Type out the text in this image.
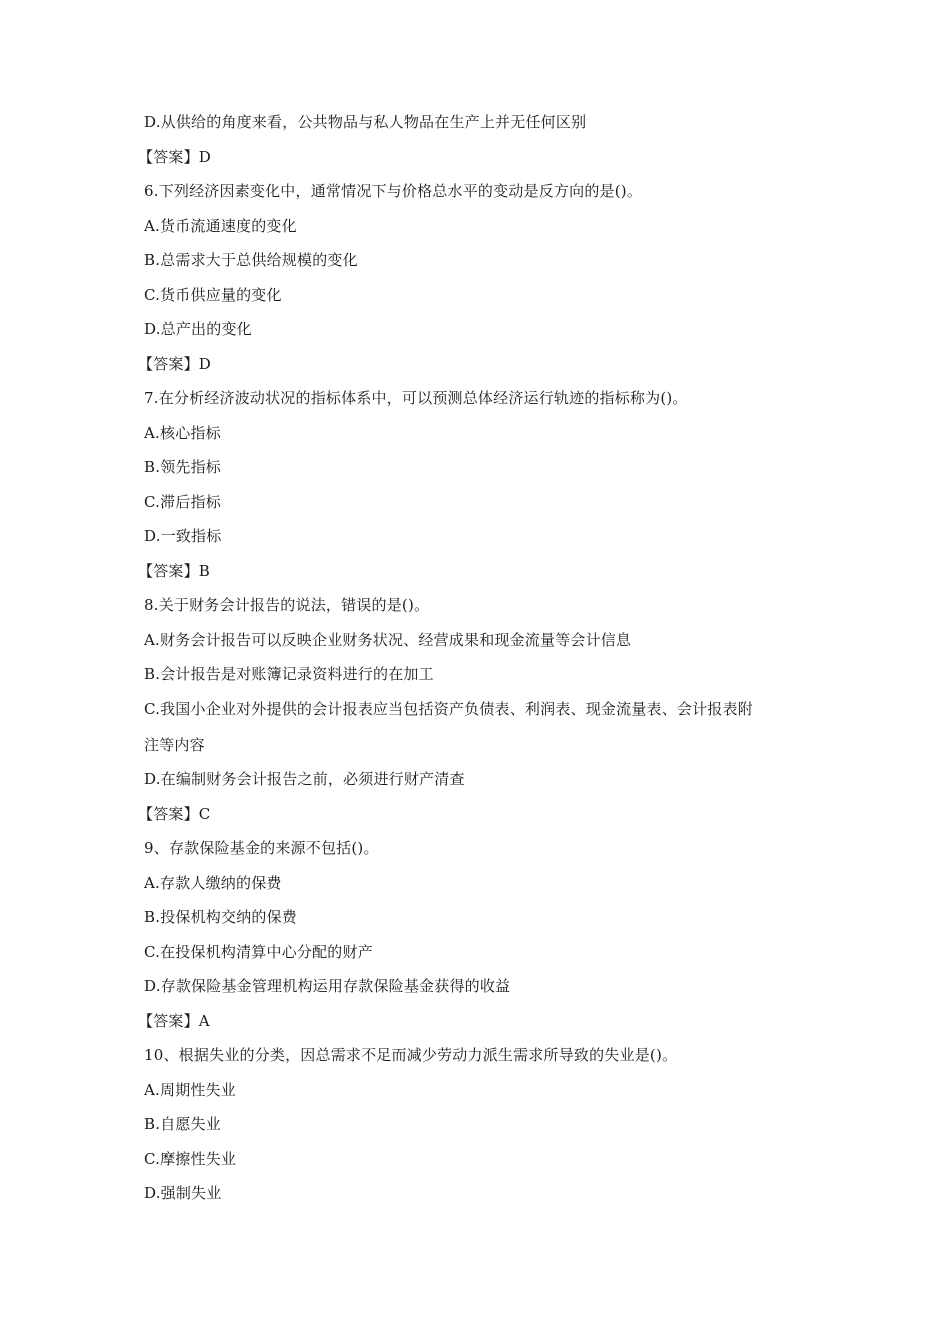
D.从供给的角度来看，公共物品与私人物品在生产上并无任何区别
【答案】D
6.下列经济因素变化中，通常情况下与价格总水平的变动是反方向的是()。
A.货币流通速度的变化
B.总需求大于总供给规模的变化
C.货币供应量的变化
D.总产出的变化
【答案】D
7.在分析经济波动状况的指标体系中，可以预测总体经济运行轨迹的指标称为()。
A.核心指标
B.领先指标
C.滞后指标
D.一致指标
【答案】B
8.关于财务会计报告的说法，错误的是()。
A.财务会计报告可以反映企业财务状况、经营成果和现金流量等会计信息
B.会计报告是对账簿记录资料进行的在加工
C.我国小企业对外提供的会计报表应当包括资产负债表、利润表、现金流量表、会计报表附
注等内容
D.在编制财务会计报告之前，必须进行财产清查
【答案】C
9、存款保险基金的来源不包括()。
A.存款人缴纳的保费
B.投保机构交纳的保费
C.在投保机构清算中心分配的财产
D.存款保险基金管理机构运用存款保险基金获得的收益
【答案】A
10、根据失业的分类，因总需求不足而减少劳动力派生需求所导致的失业是()。
A.周期性失业
B.自愿失业
C.摩擦性失业
D.强制失业
